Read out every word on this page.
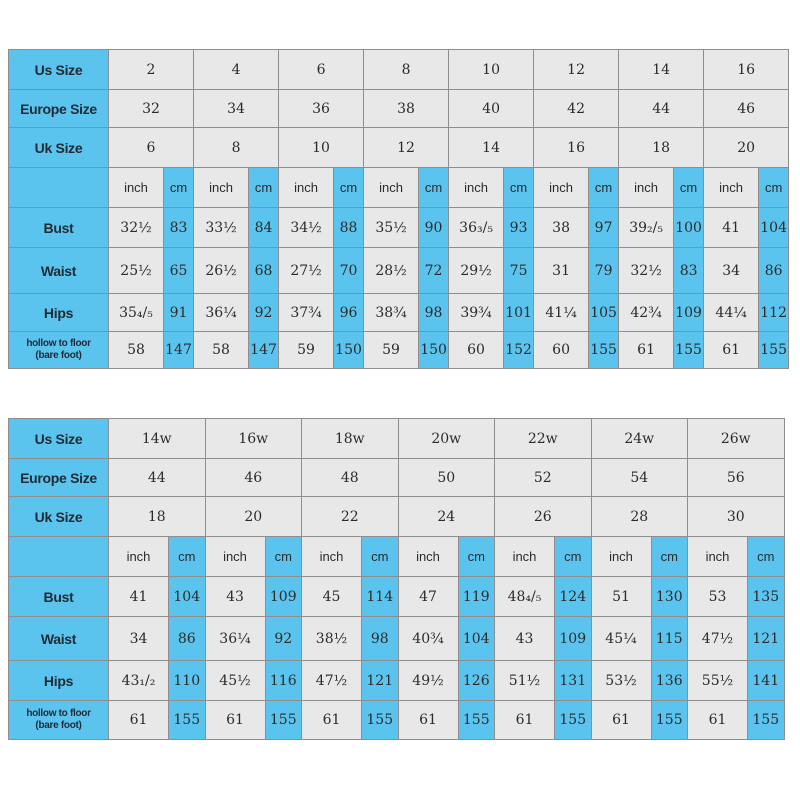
Us Size	2		4		6		8		10		12		14		16	
Europe Size	32		34		36		38		40		42		44		46	
Uk Size	6		8		10		12		14		16		18		20	
	inch	cm	inch	cm	inch	cm	inch	cm	inch	cm	inch	cm	inch	cm	inch	cm
Bust	32½	83	33½	84	34½	88	35½	90	36₃/₅	93	38	97	39₂/₅	100	41	104
Waist	25½	65	26½	68	27½	70	28½	72	29½	75	31	79	32½	83	34	86
Hips	35₄/₅	91	36¼	92	37¾	96	38¾	98	39¾	101	41¼	105	42¾	109	44¼	112
hollow to floor
(bare foot)	58	147	58	147	59	150	59	150	60	152	60	155	61	155	61	155
Us Size	14w		16w		18w		20w		22w		24w		26w	
Europe Size	44		46		48		50		52		54		56	
Uk Size	18		20		22		24		26		28		30	
	inch	cm	inch	cm	inch	cm	inch	cm	inch	cm	inch	cm	inch	cm
Bust	41	104	43	109	45	114	47	119	48₄/₅	124	51	130	53	135
Waist	34	86	36¼	92	38½	98	40¾	104	43	109	45¼	115	47½	121
Hips	43₁/₂	110	45½	116	47½	121	49½	126	51½	131	53½	136	55½	141
hollow to floor
(bare foot)	61	155	61	155	61	155	61	155	61	155	61	155	61	155
